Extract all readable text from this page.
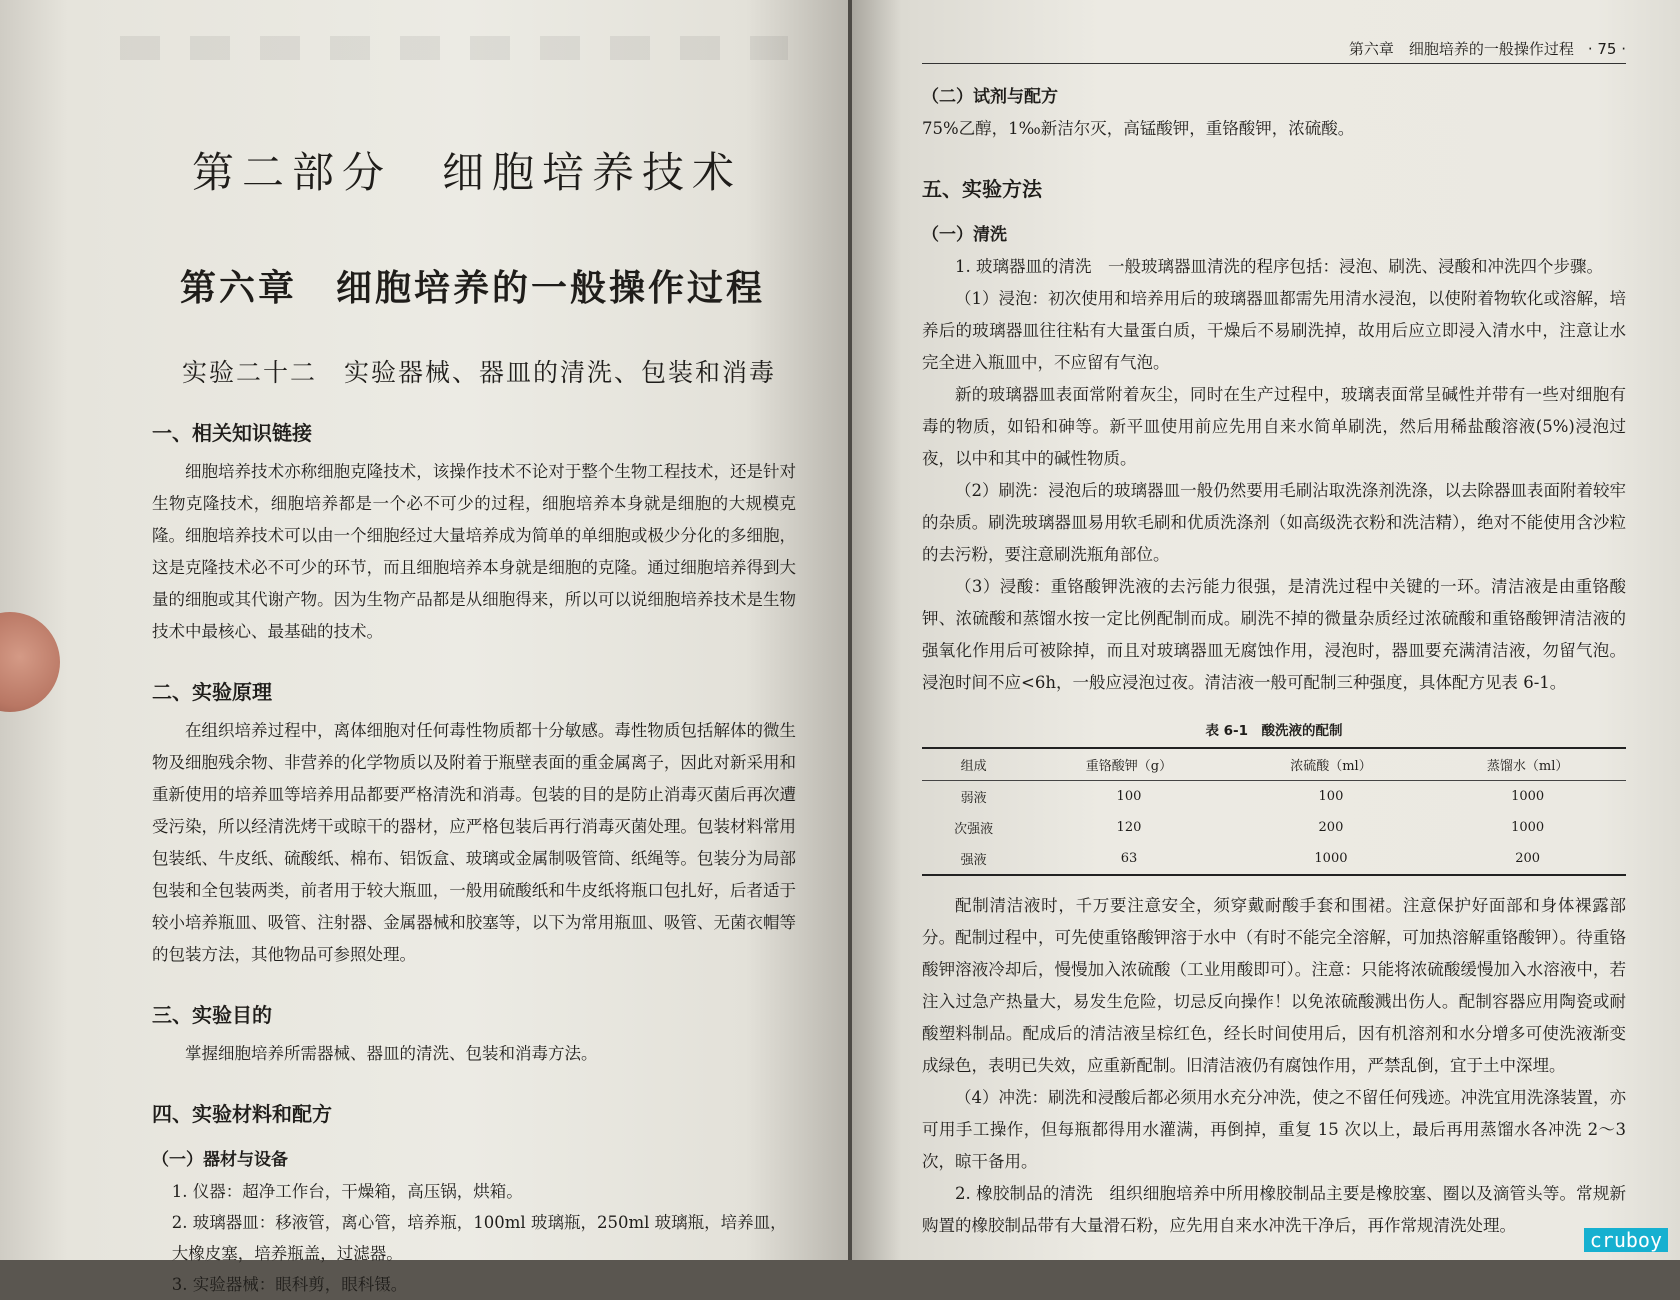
第二部分　细胞培养技术
第六章　细胞培养的一般操作过程
实验二十二　实验器械、器皿的清洗、包装和消毒
一、相关知识链接

细胞培养技术亦称细胞克隆技术，该操作技术不论对于整个生物工程技术，还是针对生物克隆技术，细胞培养都是一个必不可少的过程，细胞培养本身就是细胞的大规模克隆。细胞培养技术可以由一个细胞经过大量培养成为简单的单细胞或极少分化的多细胞，这是克隆技术必不可少的环节，而且细胞培养本身就是细胞的克隆。通过细胞培养得到大量的细胞或其代谢产物。因为生物产品都是从细胞得来，所以可以说细胞培养技术是生物技术中最核心、最基础的技术。

二、实验原理

在组织培养过程中，离体细胞对任何毒性物质都十分敏感。毒性物质包括解体的微生物及细胞残余物、非营养的化学物质以及附着于瓶壁表面的重金属离子，因此对新采用和重新使用的培养皿等培养用品都要严格清洗和消毒。包装的目的是防止消毒灭菌后再次遭受污染，所以经清洗烤干或晾干的器材，应严格包装后再行消毒灭菌处理。包装材料常用包装纸、牛皮纸、硫酸纸、棉布、铝饭盒、玻璃或金属制吸管筒、纸绳等。包装分为局部包装和全包装两类，前者用于较大瓶皿，一般用硫酸纸和牛皮纸将瓶口包扎好，后者适于较小培养瓶皿、吸管、注射器、金属器械和胶塞等，以下为常用瓶皿、吸管、无菌衣帽等的包装方法，其他物品可参照处理。

三、实验目的

掌握细胞培养所需器械、器皿的清洗、包装和消毒方法。

四、实验材料和配方
（一）器材与设备
1. 仪器：超净工作台，干燥箱，高压锅，烘箱。
2. 玻璃器皿：移液管，离心管，培养瓶，100ml 玻璃瓶，250ml 玻璃瓶，培养皿，大橡皮塞，培养瓶盖，过滤器。
3. 实验器械：眼科剪，眼科镊。
第六章　细胞培养的一般操作过程 · 75 ·
（二）试剂与配方

75%乙醇，1‰新洁尔灭，高锰酸钾，重铬酸钾，浓硫酸。

五、实验方法
（一）清洗

1. 玻璃器皿的清洗　一般玻璃器皿清洗的程序包括：浸泡、刷洗、浸酸和冲洗四个步骤。

（1）浸泡：初次使用和培养用后的玻璃器皿都需先用清水浸泡，以使附着物软化或溶解，培养后的玻璃器皿往往粘有大量蛋白质，干燥后不易刷洗掉，故用后应立即浸入清水中，注意让水完全进入瓶皿中，不应留有气泡。

新的玻璃器皿表面常附着灰尘，同时在生产过程中，玻璃表面常呈碱性并带有一些对细胞有毒的物质，如铅和砷等。新平皿使用前应先用自来水简单刷洗，然后用稀盐酸溶液(5%)浸泡过夜，以中和其中的碱性物质。

（2）刷洗：浸泡后的玻璃器皿一般仍然要用毛刷沾取洗涤剂洗涤，以去除器皿表面附着较牢的杂质。刷洗玻璃器皿易用软毛刷和优质洗涤剂（如高级洗衣粉和洗洁精），绝对不能使用含沙粒的去污粉，要注意刷洗瓶角部位。

（3）浸酸：重铬酸钾洗液的去污能力很强，是清洗过程中关键的一环。清洁液是由重铬酸钾、浓硫酸和蒸馏水按一定比例配制而成。刷洗不掉的微量杂质经过浓硫酸和重铬酸钾清洁液的强氧化作用后可被除掉，而且对玻璃器皿无腐蚀作用，浸泡时，器皿要充满清洁液，勿留气泡。浸泡时间不应<6h，一般应浸泡过夜。清洁液一般可配制三种强度，具体配方见表 6-1。

表 6-1　酸洗液的配制
组成	重铬酸钾（g）	浓硫酸（ml）	蒸馏水（ml）
弱液	100	100	1000
次强液	120	200	1000
强液	63	1000	200

配制清洁液时，千万要注意安全，须穿戴耐酸手套和围裙。注意保护好面部和身体裸露部分。配制过程中，可先使重铬酸钾溶于水中（有时不能完全溶解，可加热溶解重铬酸钾）。待重铬酸钾溶液冷却后，慢慢加入浓硫酸（工业用酸即可）。注意：只能将浓硫酸缓慢加入水溶液中，若注入过急产热量大，易发生危险，切忌反向操作！以免浓硫酸溅出伤人。配制容器应用陶瓷或耐酸塑料制品。配成后的清洁液呈棕红色，经长时间使用后，因有机溶剂和水分增多可使洗液渐变成绿色，表明已失效，应重新配制。旧清洁液仍有腐蚀作用，严禁乱倒，宜于土中深埋。

（4）冲洗：刷洗和浸酸后都必须用水充分冲洗，使之不留任何残迹。冲洗宜用洗涤装置，亦可用手工操作，但每瓶都得用水灌满，再倒掉，重复 15 次以上，最后再用蒸馏水各冲洗 2～3 次，晾干备用。

2. 橡胶制品的清洗　组织细胞培养中所用橡胶制品主要是橡胶塞、圈以及滴管头等。常规新购置的橡胶制品带有大量滑石粉，应先用自来水冲洗干净后，再作常规清洗处理。

cruboy
